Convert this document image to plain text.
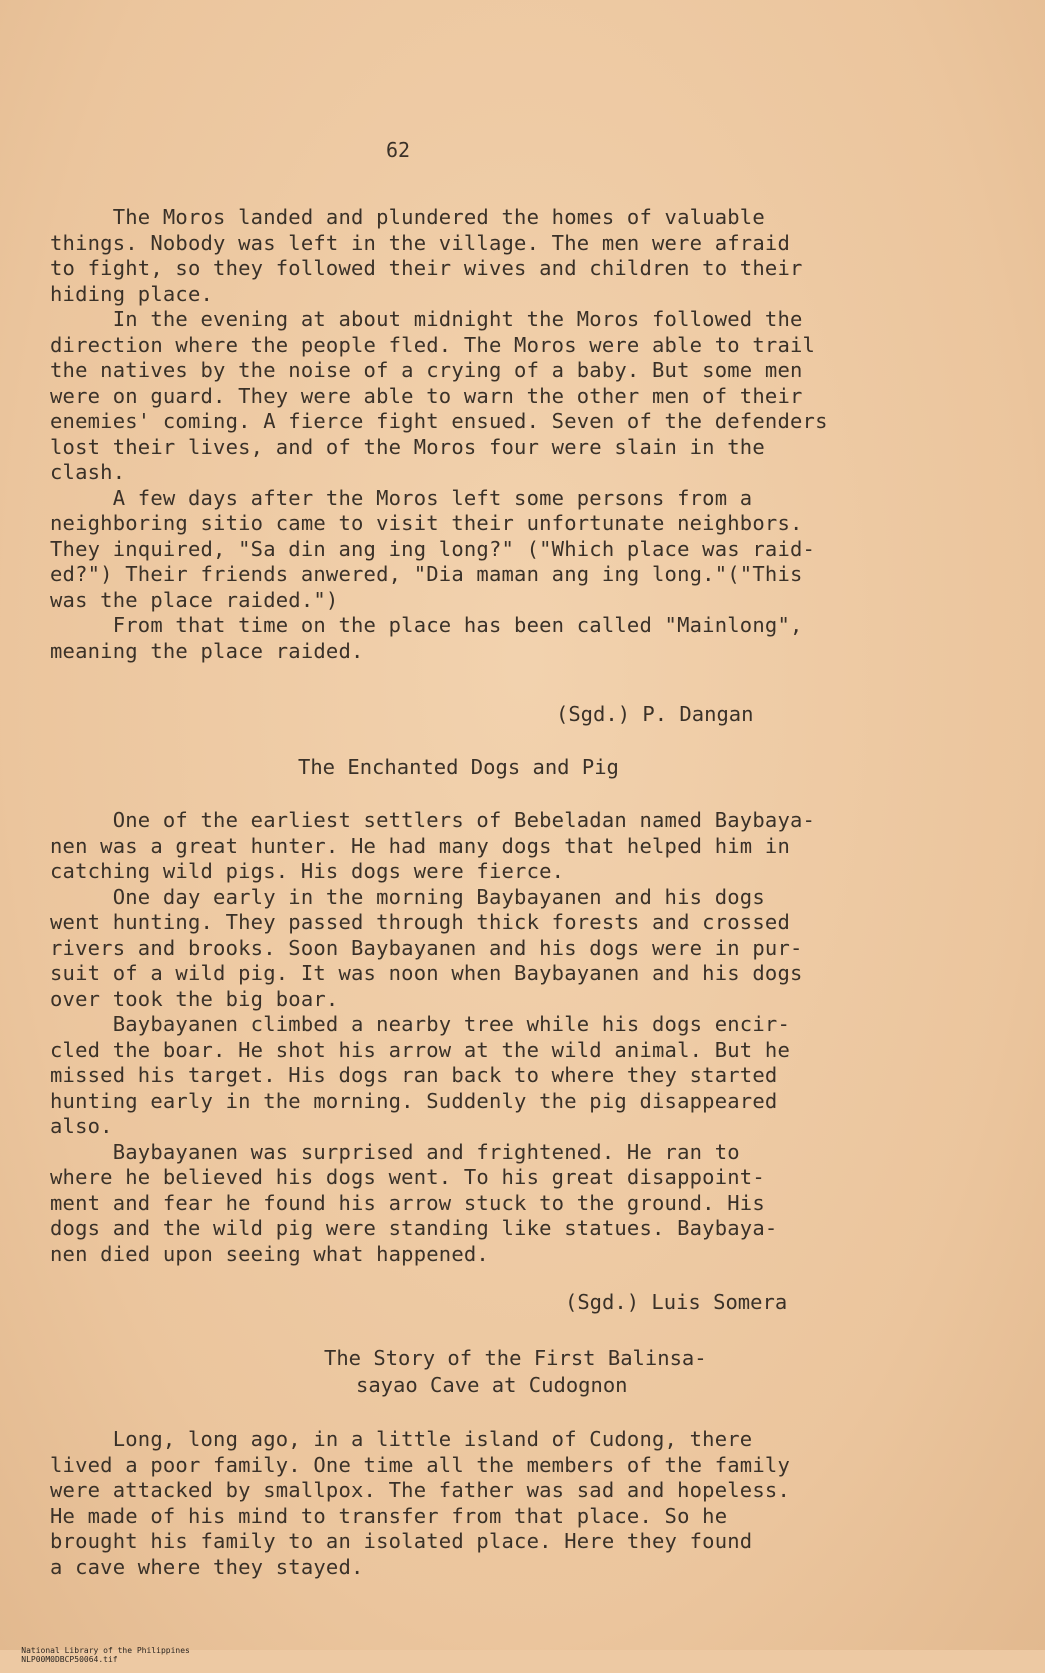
62
The Moros landed and plundered the homes of valuable
things. Nobody was left in the village. The men were afraid
to fight, so they followed their wives and children to their
hiding place.
In the evening at about midnight the Moros followed the
direction where the people fled. The Moros were able to trail
the natives by the noise of a crying of a baby. But some men
were on guard. They were able to warn the other men of their
enemies' coming. A fierce fight ensued. Seven of the defenders
lost their lives, and of the Moros four were slain in the
clash.
A few days after the Moros left some persons from a
neighboring sitio came to visit their unfortunate neighbors.
They inquired, "Sa din ang ing long?" ("Which place was raid-
ed?") Their friends anwered, "Dia maman ang ing long."("This
was the place raided.")
From that time on the place has been called "Mainlong",
meaning the place raided.
(Sgd.) P. Dangan
The Enchanted Dogs and Pig
One of the earliest settlers of Bebeladan named Baybaya-
nen was a great hunter. He had many dogs that helped him in
catching wild pigs. His dogs were fierce.
One day early in the morning Baybayanen and his dogs
went hunting. They passed through thick forests and crossed
rivers and brooks. Soon Baybayanen and his dogs were in pur-
suit of a wild pig. It was noon when Baybayanen and his dogs
over took the big boar.
Baybayanen climbed a nearby tree while his dogs encir-
cled the boar. He shot his arrow at the wild animal. But he
missed his target. His dogs ran back to where they started
hunting early in the morning. Suddenly the pig disappeared
also.
Baybayanen was surprised and frightened. He ran to
where he believed his dogs went. To his great disappoint-
ment and fear he found his arrow stuck to the ground. His
dogs and the wild pig were standing like statues. Baybaya-
nen died upon seeing what happened.
(Sgd.) Luis Somera
The Story of the First Balinsa-
sayao Cave at Cudognon
Long, long ago, in a little island of Cudong, there
lived a poor family. One time all the members of the family
were attacked by smallpox. The father was sad and hopeless.
He made of his mind to transfer from that place. So he
brought his family to an isolated place. Here they found
a cave where they stayed.

National Library of the Philippines
NLP00M0DBCP50064.tif
